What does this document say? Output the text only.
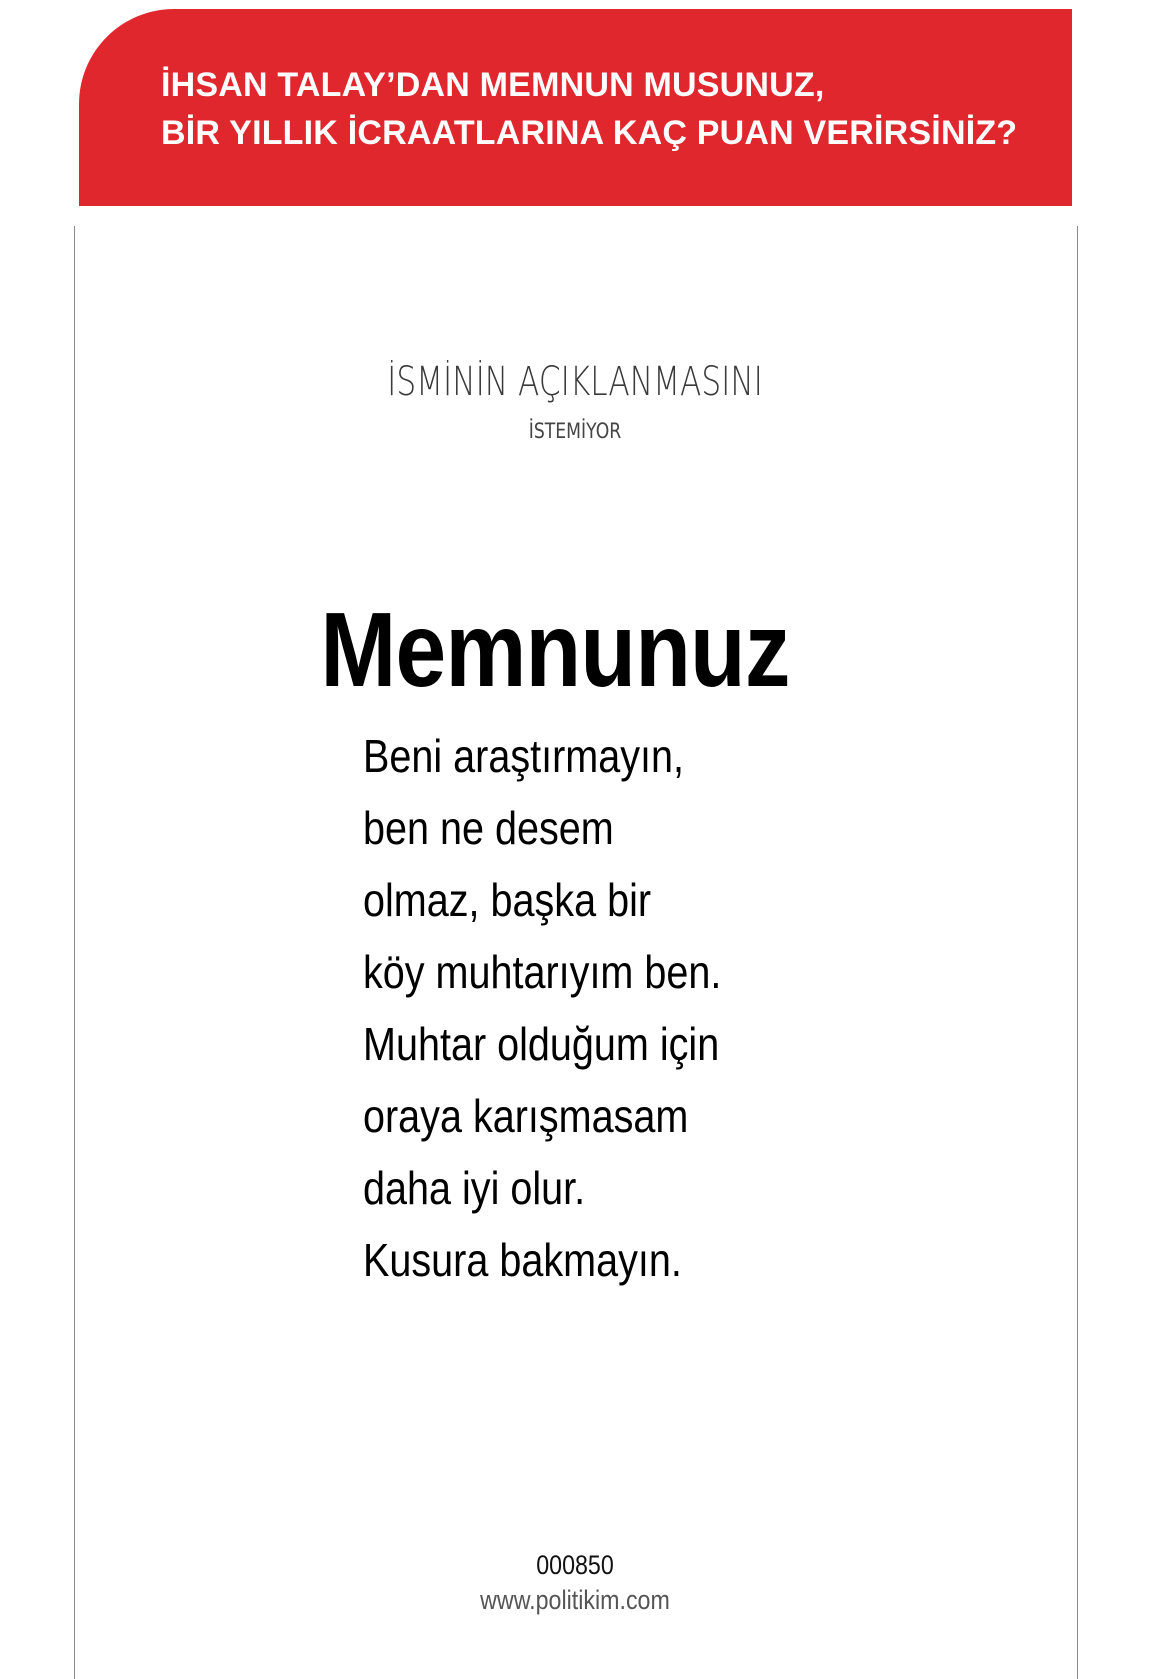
İHSAN TALAY’DAN MEMNUN MUSUNUZ,
BİR YILLIK İCRAATLARINA KAÇ PUAN VERİRSİNİZ?
İSMİNİN AÇIKLANMASINI
İSTEMİYOR
Memnunuz
Beni araştırmayın,
ben ne desem
olmaz, başka bir
köy muhtarıyım ben.
Muhtar olduğum için
oraya karışmasam
daha iyi olur.
Kusura bakmayın.
000850
www.politikim.com
